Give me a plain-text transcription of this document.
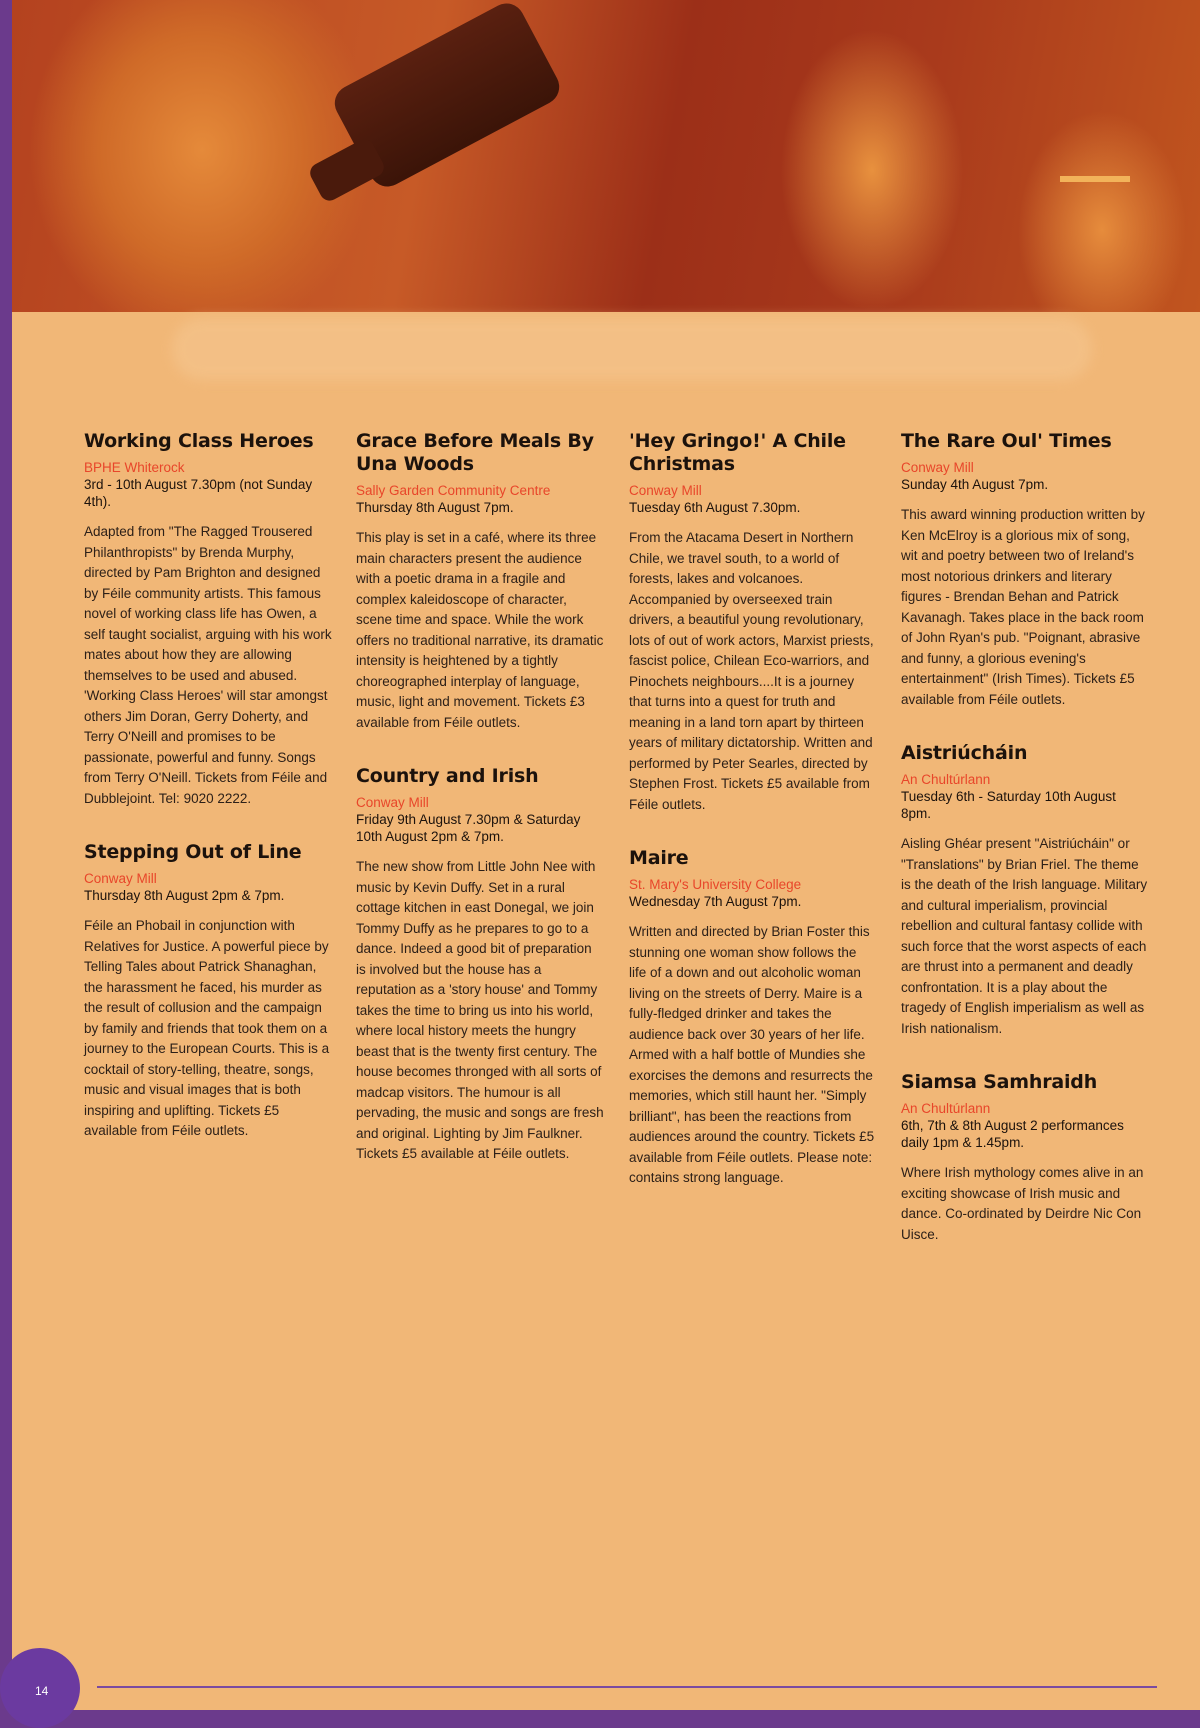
Working Class Heroes

BPHE Whiterock

3rd - 10th August 7.30pm (not Sunday 4th).

Adapted from "The Ragged Trousered Philanthropists" by Brenda Murphy, directed by Pam Brighton and designed by Féile community artists. This famous novel of working class life has Owen, a self taught socialist, arguing with his work mates about how they are allowing themselves to be used and abused. 'Working Class Heroes' will star amongst others Jim Doran, Gerry Doherty, and Terry O'Neill and promises to be passionate, powerful and funny. Songs from Terry O'Neill. Tickets from Féile and Dubblejoint. Tel: 9020 2222.

Stepping Out of Line

Conway Mill

Thursday 8th August 2pm & 7pm.

Féile an Phobail in conjunction with Relatives for Justice. A powerful piece by Telling Tales about Patrick Shanaghan, the harassment he faced, his murder as the result of collusion and the campaign by family and friends that took them on a journey to the European Courts. This is a cocktail of story-telling, theatre, songs, music and visual images that is both inspiring and uplifting. Tickets £5 available from Féile outlets.

Grace Before Meals By Una Woods

Sally Garden Community Centre

Thursday 8th August 7pm.

This play is set in a café, where its three main characters present the audience with a poetic drama in a fragile and complex kaleidoscope of character, scene time and space. While the work offers no traditional narrative, its dramatic intensity is heightened by a tightly choreographed interplay of language, music, light and movement. Tickets £3 available from Féile outlets.

Country and Irish

Conway Mill

Friday 9th August 7.30pm & Saturday 10th August 2pm & 7pm.

The new show from Little John Nee with music by Kevin Duffy. Set in a rural cottage kitchen in east Donegal, we join Tommy Duffy as he prepares to go to a dance. Indeed a good bit of preparation is involved but the house has a reputation as a 'story house' and Tommy takes the time to bring us into his world, where local history meets the hungry beast that is the twenty first century. The house becomes thronged with all sorts of madcap visitors. The humour is all pervading, the music and songs are fresh and original. Lighting by Jim Faulkner. Tickets £5 available at Féile outlets.

'Hey Gringo!' A Chile Christmas

Conway Mill

Tuesday 6th August 7.30pm.

From the Atacama Desert in Northern Chile, we travel south, to a world of forests, lakes and volcanoes. Accompanied by overseexed train drivers, a beautiful young revolutionary, lots of out of work actors, Marxist priests, fascist police, Chilean Eco-warriors, and Pinochets neighbours....It is a journey that turns into a quest for truth and meaning in a land torn apart by thirteen years of military dictatorship. Written and performed by Peter Searles, directed by Stephen Frost. Tickets £5 available from Féile outlets.

Maire

St. Mary's University College

Wednesday 7th August 7pm.

Written and directed by Brian Foster this stunning one woman show follows the life of a down and out alcoholic woman living on the streets of Derry. Maire is a fully-fledged drinker and takes the audience back over 30 years of her life. Armed with a half bottle of Mundies she exorcises the demons and resurrects the memories, which still haunt her. "Simply brilliant", has been the reactions from audiences around the country. Tickets £5 available from Féile outlets. Please note: contains strong language.

The Rare Oul' Times

Conway Mill

Sunday 4th August 7pm.

This award winning production written by Ken McElroy is a glorious mix of song, wit and poetry between two of Ireland's most notorious drinkers and literary figures - Brendan Behan and Patrick Kavanagh. Takes place in the back room of John Ryan's pub. "Poignant, abrasive and funny, a glorious evening's entertainment" (Irish Times). Tickets £5 available from Féile outlets.

Aistriúcháin

An Chultúrlann

Tuesday 6th - Saturday 10th August 8pm.

Aisling Ghéar present "Aistriúcháin" or "Translations" by Brian Friel. The theme is the death of the Irish language. Military and cultural imperialism, provincial rebellion and cultural fantasy collide with such force that the worst aspects of each are thrust into a permanent and deadly confrontation. It is a play about the tragedy of English imperialism as well as Irish nationalism.

Siamsa Samhraidh

An Chultúrlann

6th, 7th & 8th August 2 performances daily 1pm & 1.45pm.

Where Irish mythology comes alive in an exciting showcase of Irish music and dance. Co-ordinated by Deirdre Nic Con Uisce.

14
